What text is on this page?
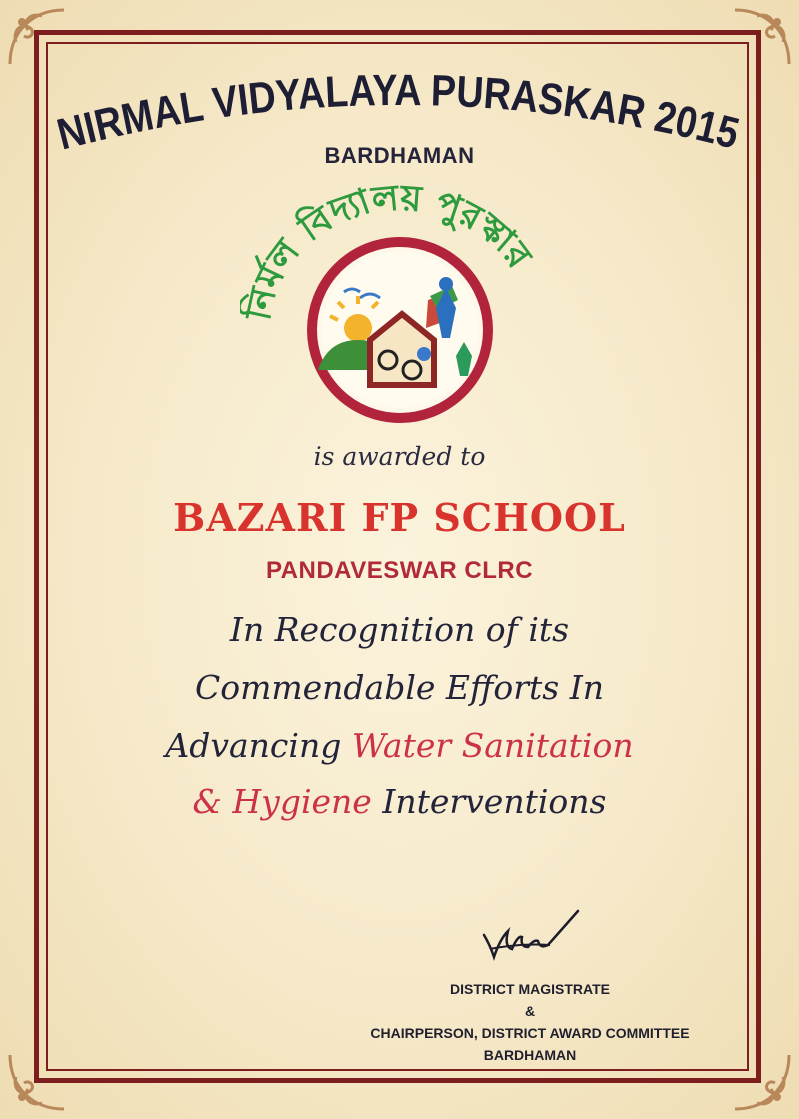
NIRMAL VIDYALAYA PURASKAR 2015
BARDHAMAN
নির্মল বিদ্যালয় পুরস্কার
is awarded to
BAZARI FP SCHOOL
PANDAVESWAR CLRC
In Recognition of its
Commendable Efforts In
Advancing Water Sanitation
& Hygiene Interventions
DISTRICT MAGISTRATE
&
CHAIRPERSON, DISTRICT AWARD COMMITTEE
BARDHAMAN
